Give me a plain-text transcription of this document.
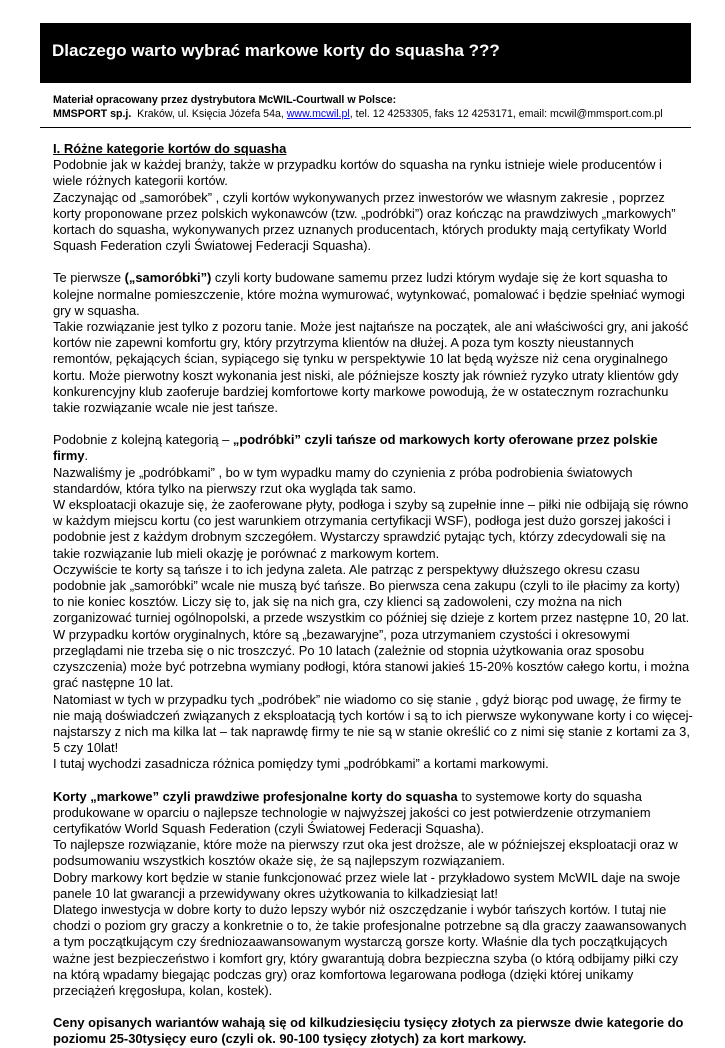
Dlaczego warto wybrać markowe korty do squasha ???
Materiał opracowany przez dystrybutora McWIL-Courtwall w Polsce:
MMSPORT sp.j. Kraków, ul. Księcia Józefa 54a, www.mcwil.pl, tel. 12 4253305, faks 12 4253171, email: mcwil@mmsport.com.pl

I. Różne kategorie kortów do squasha

Podobnie jak w każdej branży, także w przypadku kortów do squasha na rynku istnieje wiele producentów i wiele różnych kategorii kortów.

Zaczynając od „samoróbek” , czyli kortów wykonywanych przez inwestorów we własnym zakresie , poprzez korty proponowane przez polskich wykonawców (tzw. „podróbki”) oraz kończąc na prawdziwych „markowych” kortach do squasha, wykonywanych przez uznanych producentach, których produkty mają certyfikaty World Squash Federation czyli Światowej Federacji Squasha).

Te pierwsze („samoróbki”) czyli korty budowane samemu przez ludzi którym wydaje się że kort squasha to kolejne normalne pomieszczenie, które można wymurować, wytynkować, pomalować i będzie spełniać wymogi gry w squasha.

Takie rozwiązanie jest tylko z pozoru tanie. Może jest najtańsze na początek, ale ani właściwości gry, ani jakość kortów nie zapewni komfortu gry, który przytrzyma klientów na dłużej. A poza tym koszty nieustannych remontów, pękających ścian, sypiącego się tynku w perspektywie 10 lat będą wyższe niż cena oryginalnego kortu. Może pierwotny koszt wykonania jest niski, ale późniejsze koszty jak również ryzyko utraty klientów gdy konkurencyjny klub zaoferuje bardziej komfortowe korty markowe powodują, że w ostatecznym rozrachunku takie rozwiązanie wcale nie jest tańsze.

Podobnie z kolejną kategorią – „podróbki” czyli tańsze od markowych korty oferowane przez polskie firmy.

Nazwaliśmy je „podróbkami” , bo w tym wypadku mamy do czynienia z próba podrobienia światowych standardów, która tylko na pierwszy rzut oka wygląda tak samo.

W eksploatacji okazuje się, że zaoferowane płyty, podłoga i szyby są zupełnie inne – piłki nie odbijają się równo w każdym miejscu kortu (co jest warunkiem otrzymania certyfikacji WSF), podłoga jest dużo gorszej jakości i podobnie jest z każdym drobnym szczegółem. Wystarczy sprawdzić pytając tych, którzy zdecydowali się na takie rozwiązanie lub mieli okazję je porównać z markowym kortem.

Oczywiście te korty są tańsze i to ich jedyna zaleta. Ale patrząc z perspektywy dłuższego okresu czasu podobnie jak „samoróbki” wcale nie muszą być tańsze. Bo pierwsza cena zakupu (czyli to ile płacimy za korty) to nie koniec kosztów. Liczy się to, jak się na nich gra, czy klienci są zadowoleni, czy można na nich zorganizować turniej ogólnopolski, a przede wszystkim co później się dzieje z kortem przez następne 10, 20 lat. W przypadku kortów oryginalnych, które są „bezawaryjne”, poza utrzymaniem czystości i okresowymi przeglądami nie trzeba się o nic troszczyć. Po 10 latach (zależnie od stopnia użytkowania oraz sposobu czyszczenia) może być potrzebna wymiany podłogi, która stanowi jakieś 15-20% kosztów całego kortu, i można grać następne 10 lat.

Natomiast w tych w przypadku tych „podróbek” nie wiadomo co się stanie , gdyż biorąc pod uwagę, że firmy te nie mają doświadczeń związanych z eksploatacją tych kortów i są to ich pierwsze wykonywane korty i co więcej-najstarszy z nich ma kilka lat – tak naprawdę firmy te nie są w stanie określić co z nimi się stanie z kortami za 3, 5 czy 10lat!

I tutaj wychodzi zasadnicza różnica pomiędzy tymi „podróbkami” a kortami markowymi.

Korty „markowe” czyli prawdziwe profesjonalne korty do squasha to systemowe korty do squasha produkowane w oparciu o najlepsze technologie w najwyższej jakości co jest potwierdzenie otrzymaniem certyfikatów World Squash Federation (czyli Światowej Federacji Squasha).

To najlepsze rozwiązanie, które może na pierwszy rzut oka jest droższe, ale w późniejszej eksploatacji oraz w podsumowaniu wszystkich kosztów okaże się, że są najlepszym rozwiązaniem.

Dobry markowy kort będzie w stanie funkcjonować przez wiele lat - przykładowo system McWIL daje na swoje panele 10 lat gwarancji a przewidywany okres użytkowania to kilkadziesiąt lat!

Dlatego inwestycja w dobre korty to dużo lepszy wybór niż oszczędzanie i wybór tańszych kortów. I tutaj nie chodzi o poziom gry graczy a konkretnie o to, że takie profesjonalne potrzebne są dla graczy zaawansowanych a tym początkującym czy średniozaawansowanym wystarczą gorsze korty. Właśnie dla tych początkujących ważne jest bezpieczeństwo i komfort gry, który gwarantują dobra bezpieczna szyba (o którą odbijamy piłki czy na którą wpadamy biegając podczas gry) oraz komfortowa legarowana podłoga (dzięki której unikamy przeciążeń kręgosłupa, kolan, kostek).

Ceny opisanych wariantów wahają się od kilkudziesięciu tysięcy złotych za pierwsze dwie kategorie do poziomu 25-30tysięcy euro (czyli ok. 90-100 tysięcy złotych) za kort markowy.
